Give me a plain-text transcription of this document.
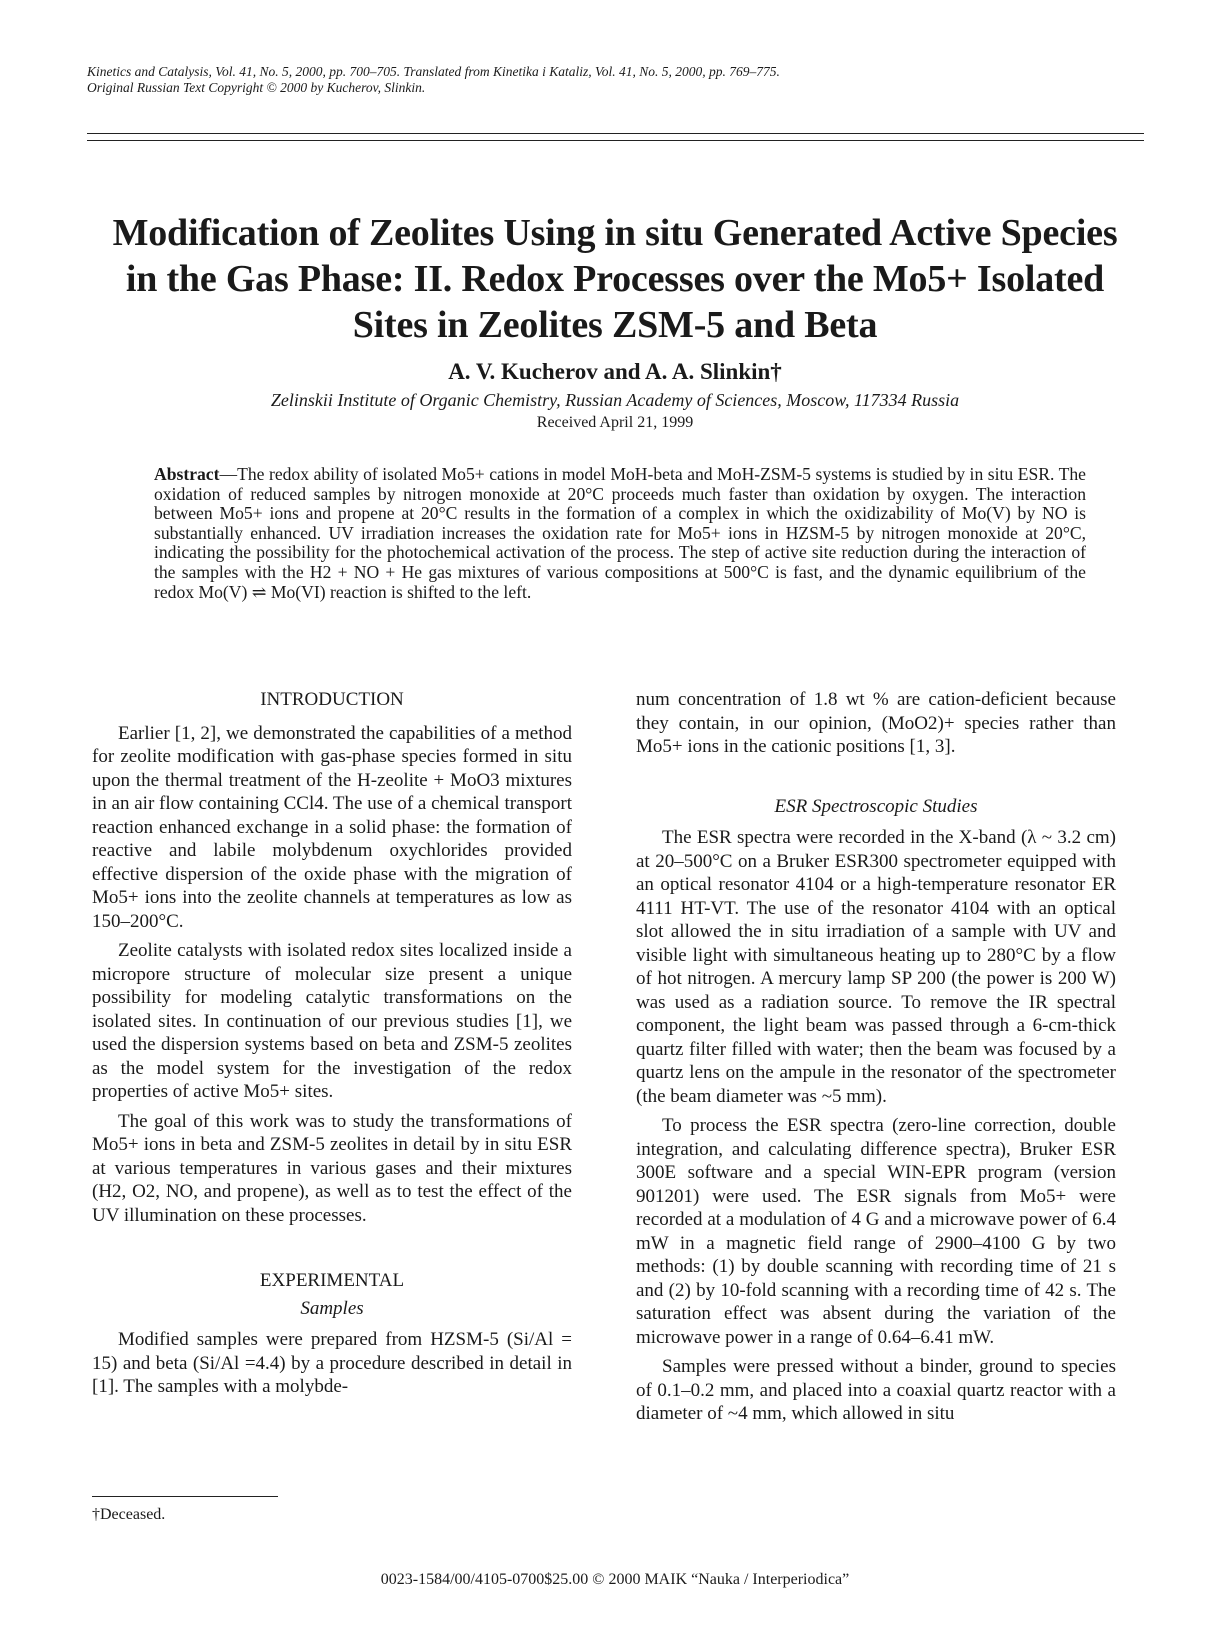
Kinetics and Catalysis, Vol. 41, No. 5, 2000, pp. 700–705. Translated from Kinetika i Kataliz, Vol. 41, No. 5, 2000, pp. 769–775.
Original Russian Text Copyright © 2000 by Kucherov, Slinkin.
Modification of Zeolites Using in situ Generated Active Species
in the Gas Phase: II. Redox Processes over the Mo5+ Isolated
Sites in Zeolites ZSM-5 and Beta
A. V. Kucherov and A. A. Slinkin†
Zelinskii Institute of Organic Chemistry, Russian Academy of Sciences, Moscow, 117334 Russia
Received April 21, 1999
Abstract—The redox ability of isolated Mo5+ cations in model MoH-beta and MoH-ZSM-5 systems is studied by in situ ESR. The oxidation of reduced samples by nitrogen monoxide at 20°C proceeds much faster than oxidation by oxygen. The interaction between Mo5+ ions and propene at 20°C results in the formation of a complex in which the oxidizability of Mo(V) by NO is substantially enhanced. UV irradiation increases the oxidation rate for Mo5+ ions in HZSM-5 by nitrogen monoxide at 20°C, indicating the possibility for the photochemical activation of the process. The step of active site reduction during the interaction of the samples with the H2 + NO + He gas mixtures of various compositions at 500°C is fast, and the dynamic equilibrium of the redox Mo(V) ⇌ Mo(VI) reaction is shifted to the left.
INTRODUCTION

Earlier [1, 2], we demonstrated the capabilities of a method for zeolite modification with gas-phase species formed in situ upon the thermal treatment of the H-zeolite + MoO3 mixtures in an air flow containing CCl4. The use of a chemical transport reaction enhanced exchange in a solid phase: the formation of reactive and labile molybdenum oxychlorides provided effective dispersion of the oxide phase with the migration of Mo5+ ions into the zeolite channels at temperatures as low as 150–200°C.

Zeolite catalysts with isolated redox sites localized inside a micropore structure of molecular size present a unique possibility for modeling catalytic transformations on the isolated sites. In continuation of our previous studies [1], we used the dispersion systems based on beta and ZSM-5 zeolites as the model system for the investigation of the redox properties of active Mo5+ sites.

The goal of this work was to study the transformations of Mo5+ ions in beta and ZSM-5 zeolites in detail by in situ ESR at various temperatures in various gases and their mixtures (H2, O2, NO, and propene), as well as to test the effect of the UV illumination on these processes.

EXPERIMENTAL
Samples

Modified samples were prepared from HZSM-5 (Si/Al = 15) and beta (Si/Al =4.4) by a procedure described in detail in [1]. The samples with a molybde-

num concentration of 1.8 wt % are cation-deficient because they contain, in our opinion, (MoO2)+ species rather than Mo5+ ions in the cationic positions [1, 3].

ESR Spectroscopic Studies

The ESR spectra were recorded in the X-band (λ ~ 3.2 cm) at 20–500°C on a Bruker ESR300 spectrometer equipped with an optical resonator 4104 or a high-temperature resonator ER 4111 HT-VT. The use of the resonator 4104 with an optical slot allowed the in situ irradiation of a sample with UV and visible light with simultaneous heating up to 280°C by a flow of hot nitrogen. A mercury lamp SP 200 (the power is 200 W) was used as a radiation source. To remove the IR spectral component, the light beam was passed through a 6-cm-thick quartz filter filled with water; then the beam was focused by a quartz lens on the ampule in the resonator of the spectrometer (the beam diameter was ~5 mm).

To process the ESR spectra (zero-line correction, double integration, and calculating difference spectra), Bruker ESR 300E software and a special WIN-EPR program (version 901201) were used. The ESR signals from Mo5+ were recorded at a modulation of 4 G and a microwave power of 6.4 mW in a magnetic field range of 2900–4100 G by two methods: (1) by double scanning with recording time of 21 s and (2) by 10-fold scanning with a recording time of 42 s. The saturation effect was absent during the variation of the microwave power in a range of 0.64–6.41 mW.

Samples were pressed without a binder, ground to species of 0.1–0.2 mm, and placed into a coaxial quartz reactor with a diameter of ~4 mm, which allowed in situ

†Deceased.
0023-1584/00/4105-0700$25.00 © 2000 MAIK “Nauka / Interperiodica”
